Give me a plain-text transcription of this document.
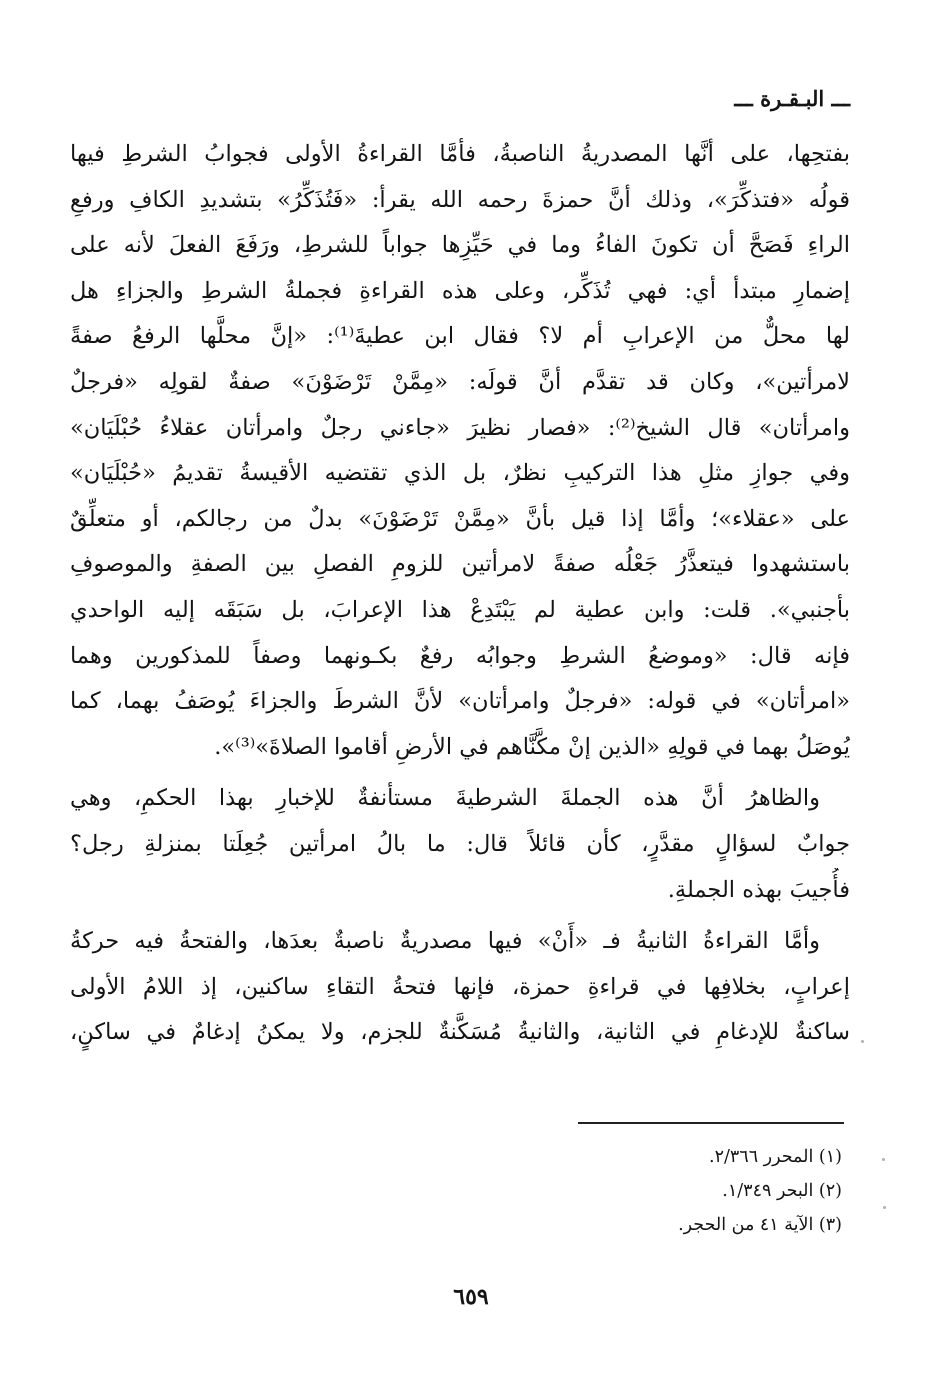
ـــ البـقـرة ـــ
بفتحِها، على أنَّها المصدريةُ الناصبةُ، فأمَّا القراءةُ الأولى فجوابُ الشرطِ فيها
قولُه «فتذكِّرَ»، وذلك أنَّ حمزةَ رحمه الله يقرأ: «فَتُذَكِّرُ» بتشديدِ الكافِ ورفعِ
الراءِ فَصَحَّ أن تكونَ الفاءُ وما في حَيِّزِها جواباً للشرطِ، ورَفَعَ الفعلَ لأنه على
إضمارِ مبتدأ أي: فهي تُذَكِّر، وعلى هذه القراءةِ فجملةُ الشرطِ والجزاءِ هل
لها محلٌّ من الإعرابِ أم لا؟ فقال ابن عطيةَ⁽¹⁾: «إنَّ محلَّها الرفعُ صفةً
لامرأتين»، وكان قد تقدَّم أنَّ قولَه: «مِمَّنْ تَرْضَوْنَ» صفةٌ لقولِه «فرجلٌ
وامرأتان» قال الشيخ⁽²⁾: «فصار نظيرَ «جاءني رجلٌ وامرأتان عقلاءُ حُبْلَيَان»
وفي جوازِ مثلِ هذا التركيبِ نظرٌ، بل الذي تقتضيه الأقيسةُ تقديمُ «حُبْلَيَان»
على «عقلاء»؛ وأمَّا إذا قيل بأنَّ «مِمَّنْ تَرْضَوْنَ» بدلٌ من رجالكم، أو متعلِّقٌ
باستشهدوا فيتعذَّرُ جَعْلُه صفةً لامرأتين للزومِ الفصلِ بين الصفةِ والموصوفِ
بأجنبي». قلت: وابن عطية لم يَبْتَدِعْ هذا الإعرابَ، بل سَبَقَه إليه الواحدي
فإنه قال: «وموضعُ الشرطِ وجوابُه رفعٌ بكـونهما وصفاً للمذكورين وهما
«امرأتان» في قوله: «فرجلٌ وامرأتان» لأنَّ الشرطَ والجزاءَ يُوصَفُ بهما، كما
يُوصَلُ بهما في قولِهِ «الذين إنْ مكَّنَّاهم في الأرضِ أقاموا الصلاةَ»⁽³⁾».
والظاهرُ أنَّ هذه الجملةَ الشرطيةَ مستأنفةٌ للإخبارِ بهذا الحكمِ، وهي
جوابٌ لسؤالٍ مقدَّرٍ، كأن قائلاً قال: ما بالُ امرأتين جُعِلَتا بمنزلةِ رجل؟
فأُجيبَ بهذه الجملةِ.
وأمَّا القراءةُ الثانيةُ فـ «أَنْ» فيها مصدريةٌ ناصبةٌ بعدَها، والفتحةُ فيه حركةُ
إعرابٍ، بخلافِها في قراءةِ حمزة، فإنها فتحةُ التقاءِ ساكنين، إذ اللامُ الأولى
ساكنةٌ للإدغامِ في الثانية، والثانيةُ مُسَكَّنةٌ للجزم، ولا يمكنُ إدغامٌ في ساكنٍ،
(١) المحرر ٢/٣٦٦.
(٢) البحر ١/٣٤٩.
(٣) الآية ٤١ من الحجر.
٦٥٩
